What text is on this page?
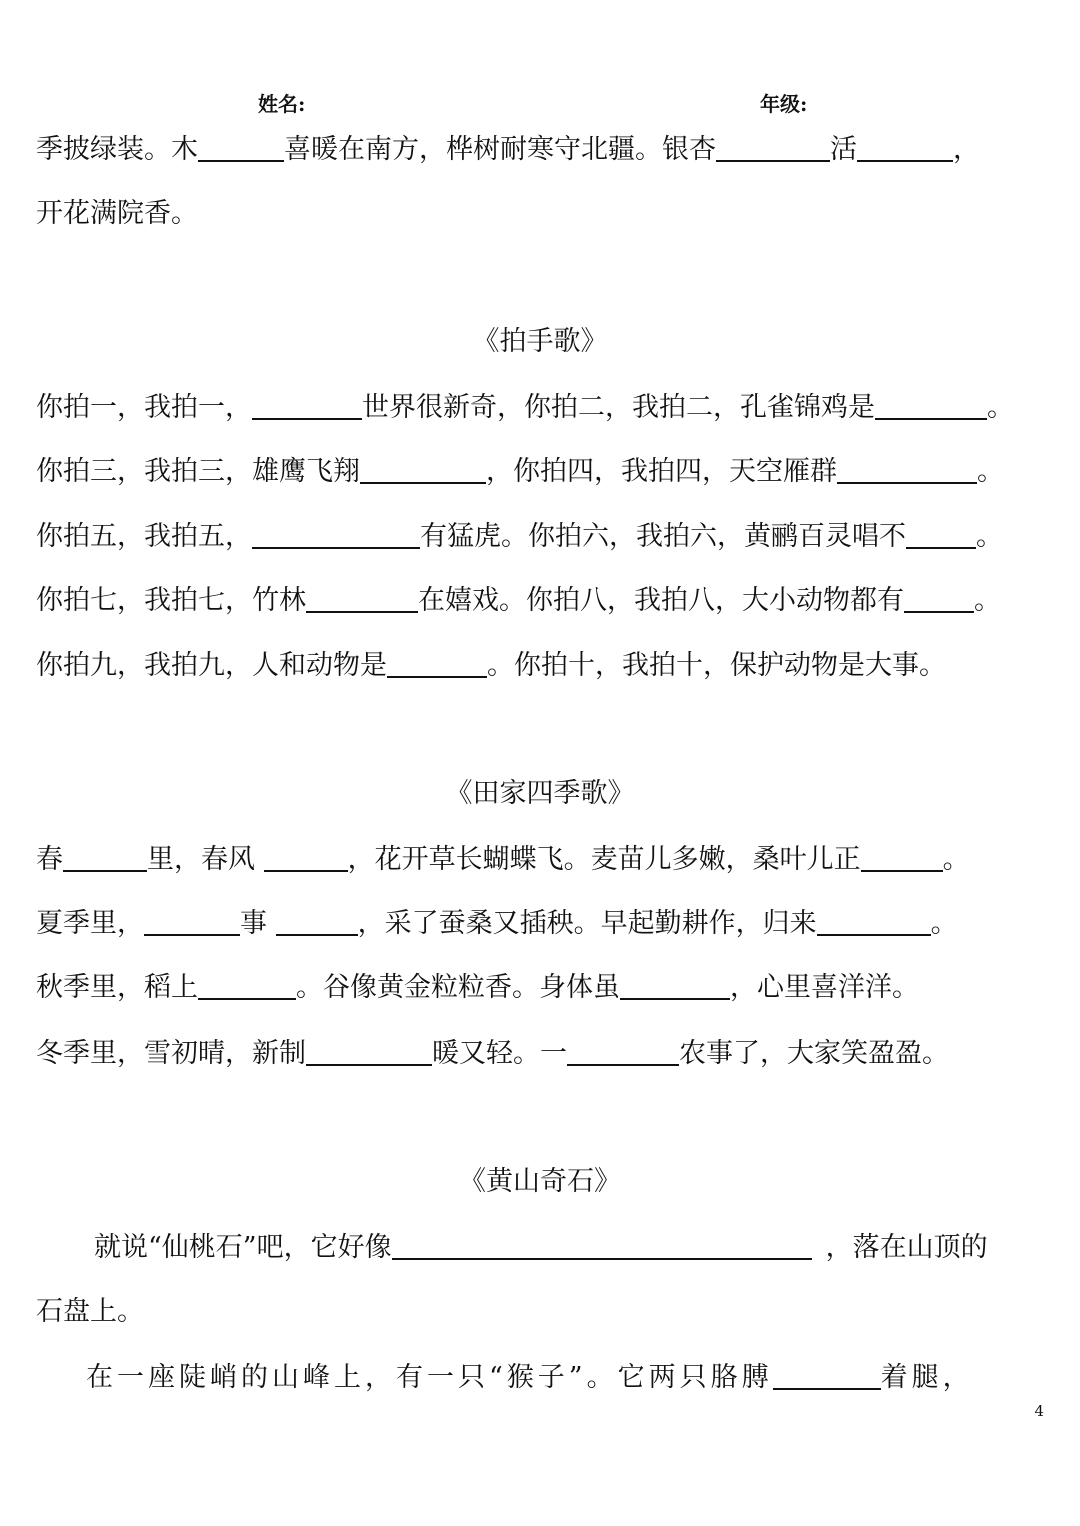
姓名:	年级:
季披绿装。木	喜暖在南方，桦树耐寒守北疆。银杏	活	，
开花满院香。
《拍手歌》
你拍一，我拍一，	世界很新奇，你拍二，我拍二，孔雀锦鸡是	。
你拍三，我拍三，雄鹰飞翔	，你拍四，我拍四，天空雁群	。
你拍五，我拍五，	有猛虎。你拍六，我拍六，黄鹂百灵唱不	。
你拍七，我拍七，竹林	在嬉戏。你拍八，我拍八，大小动物都有	。
你拍九，我拍九，人和动物是	。你拍十，我拍十，保护动物是大事。
《田家四季歌》
春	里，春风	，花开草长蝴蝶飞。麦苗儿多嫩，桑叶儿正	。
夏季里，	事	，采了蚕桑又插秧。早起勤耕作，归来	。
秋季里，稻上	。谷像黄金粒粒香。身体虽	，心里喜洋洋。
冬季里，雪初晴，新制	暖又轻。一	农事了，大家笑盈盈。
《黄山奇石》
就说“仙桃石”吧，它好像	，落在山顶的
石盘上。
在一座陡峭的山峰上，有一只“猴子”。它两只胳膊	着腿，
4
